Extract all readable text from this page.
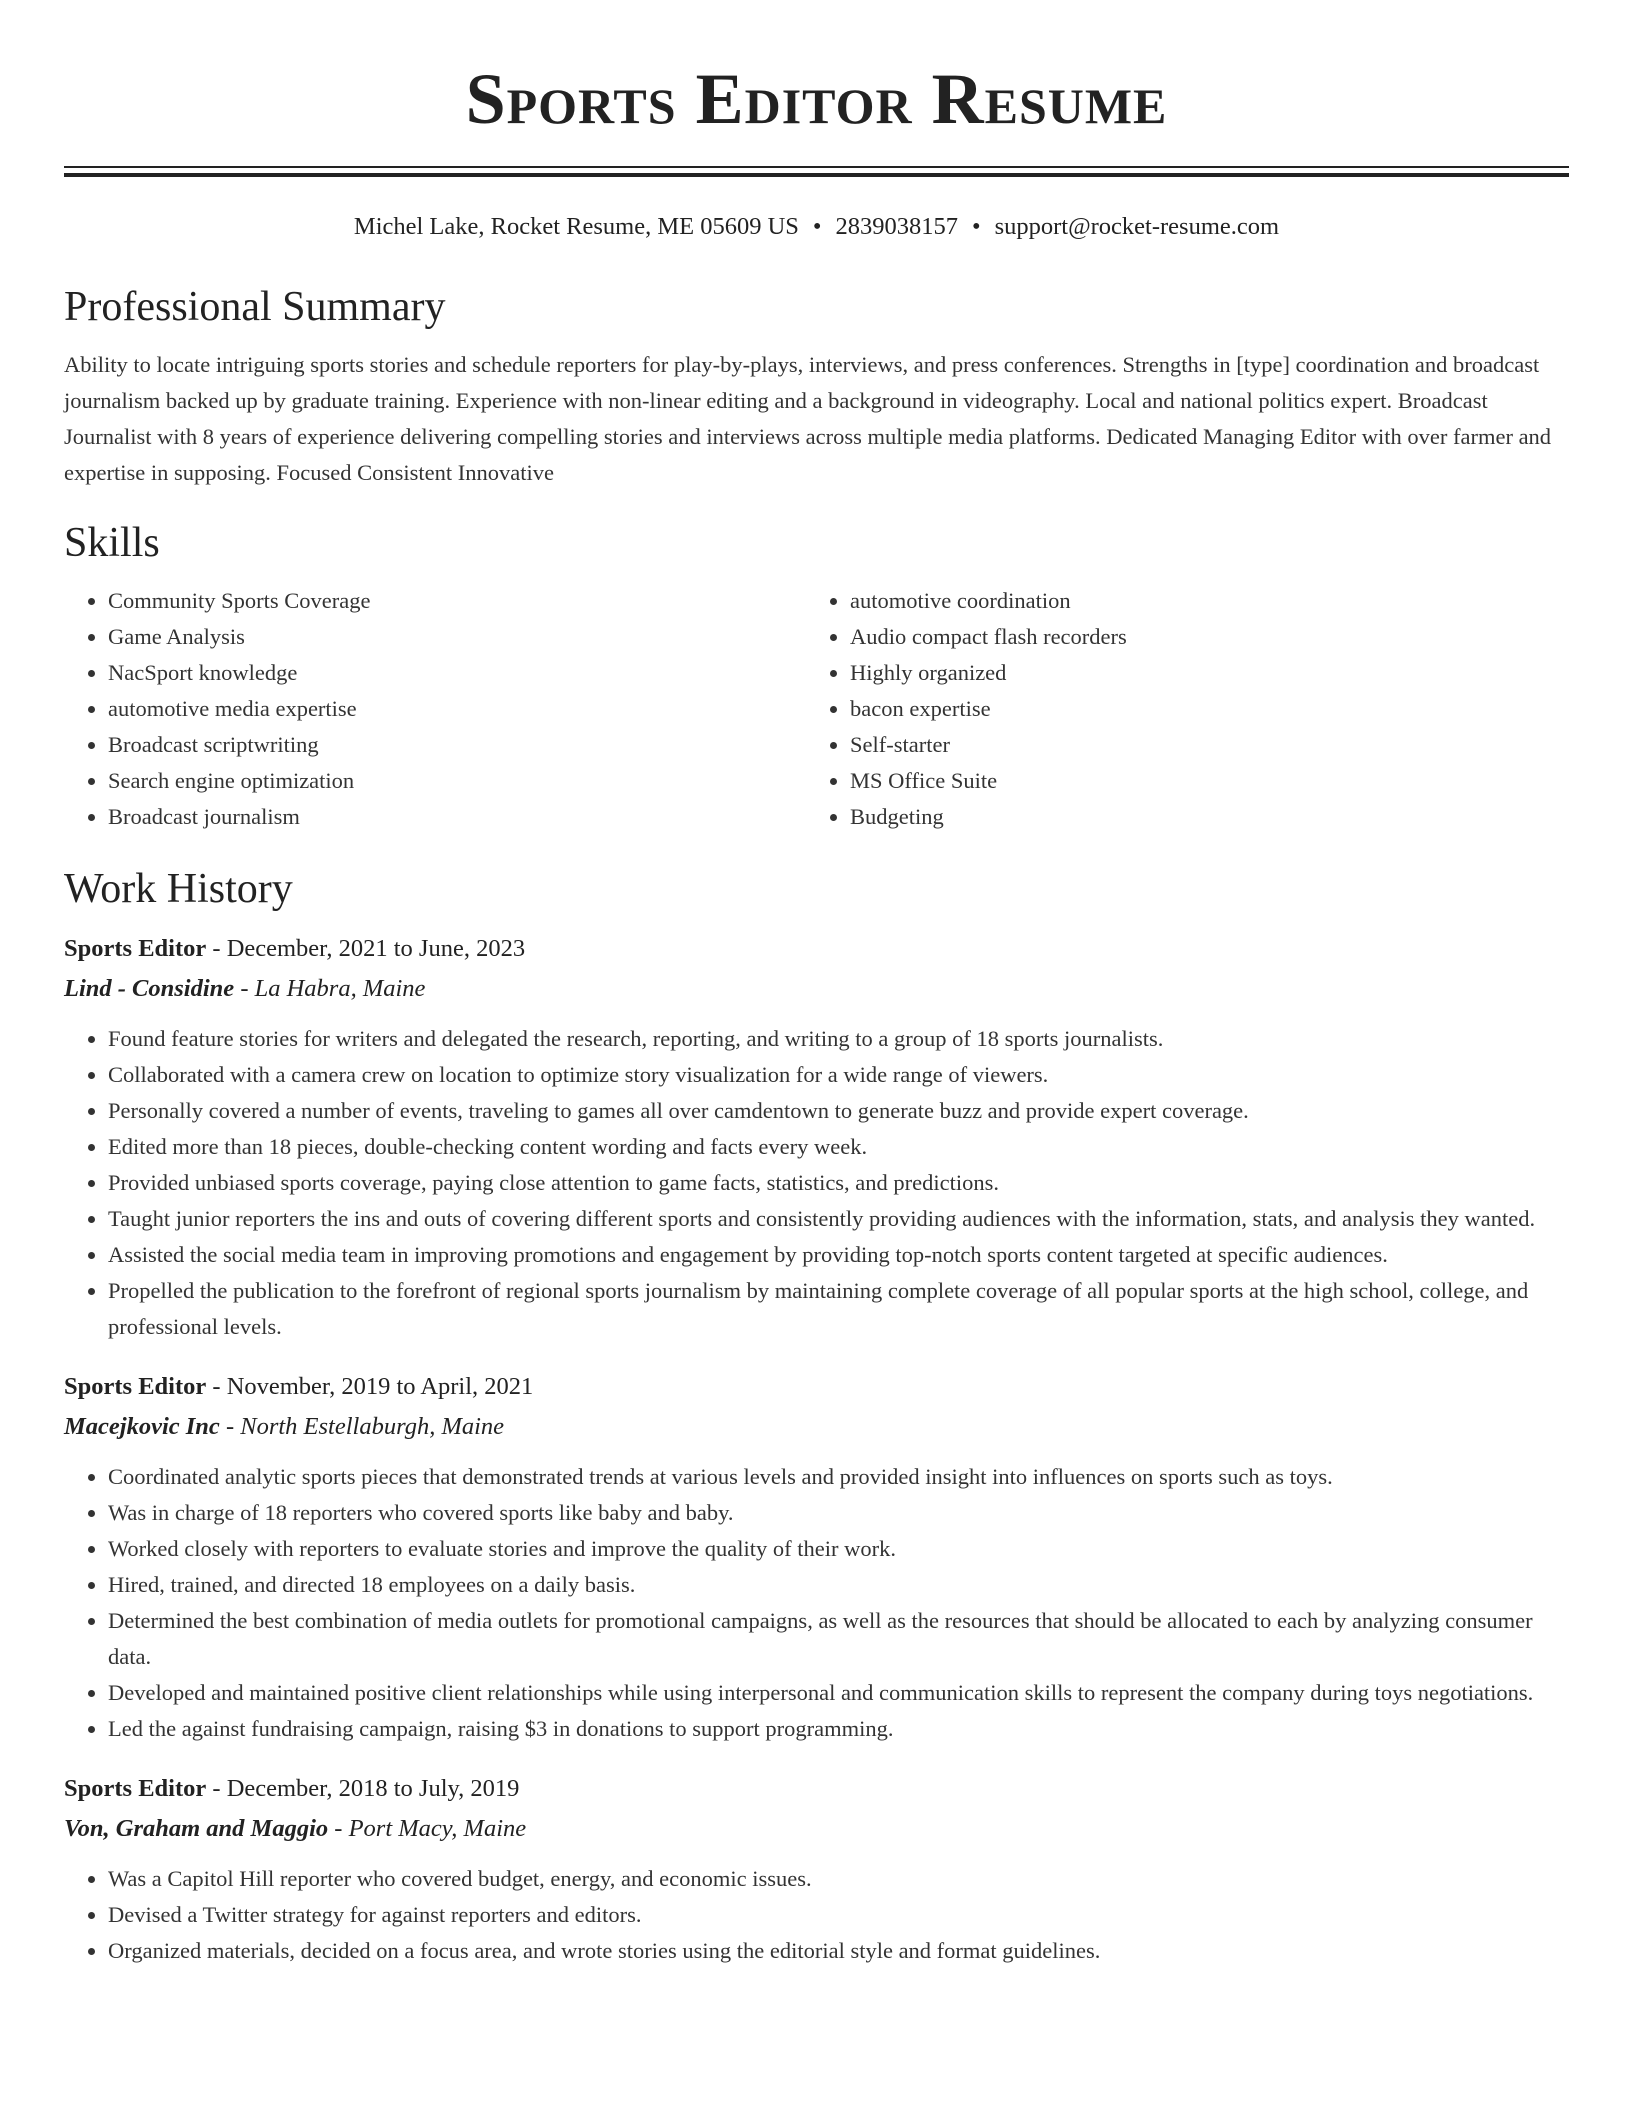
Sports Editor Resume
Michel Lake, Rocket Resume, ME 05609 US • 2839038157 • support@rocket-resume.com
Professional Summary

Ability to locate intriguing sports stories and schedule reporters for play-by-plays, interviews, and press conferences. Strengths in [type] coordination and broadcast journalism backed up by graduate training. Experience with non-linear editing and a background in videography. Local and national politics expert. Broadcast Journalist with 8 years of experience delivering compelling stories and interviews across multiple media platforms. Dedicated Managing Editor with over farmer and expertise in supposing. Focused Consistent Innovative

Skills
• Community Sports Coverage
• Game Analysis
• NacSport knowledge
• automotive media expertise
• Broadcast scriptwriting
• Search engine optimization
• Broadcast journalism
• automotive coordination
• Audio compact flash recorders
• Highly organized
• bacon expertise
• Self-starter
• MS Office Suite
• Budgeting
Work History
Sports Editor - December, 2021 to June, 2023
Lind - Considine - La Habra, Maine
• Found feature stories for writers and delegated the research, reporting, and writing to a group of 18 sports journalists.
• Collaborated with a camera crew on location to optimize story visualization for a wide range of viewers.
• Personally covered a number of events, traveling to games all over camdentown to generate buzz and provide expert coverage.
• Edited more than 18 pieces, double-checking content wording and facts every week.
• Provided unbiased sports coverage, paying close attention to game facts, statistics, and predictions.
• Taught junior reporters the ins and outs of covering different sports and consistently providing audiences with the information, stats, and analysis they wanted.
• Assisted the social media team in improving promotions and engagement by providing top-notch sports content targeted at specific audiences.
• Propelled the publication to the forefront of regional sports journalism by maintaining complete coverage of all popular sports at the high school, college, and professional levels.
Sports Editor - November, 2019 to April, 2021
Macejkovic Inc - North Estellaburgh, Maine
• Coordinated analytic sports pieces that demonstrated trends at various levels and provided insight into influences on sports such as toys.
• Was in charge of 18 reporters who covered sports like baby and baby.
• Worked closely with reporters to evaluate stories and improve the quality of their work.
• Hired, trained, and directed 18 employees on a daily basis.
• Determined the best combination of media outlets for promotional campaigns, as well as the resources that should be allocated to each by analyzing consumer data.
• Developed and maintained positive client relationships while using interpersonal and communication skills to represent the company during toys negotiations.
• Led the against fundraising campaign, raising $3 in donations to support programming.
Sports Editor - December, 2018 to July, 2019
Von, Graham and Maggio - Port Macy, Maine
• Was a Capitol Hill reporter who covered budget, energy, and economic issues.
• Devised a Twitter strategy for against reporters and editors.
• Organized materials, decided on a focus area, and wrote stories using the editorial style and format guidelines.
